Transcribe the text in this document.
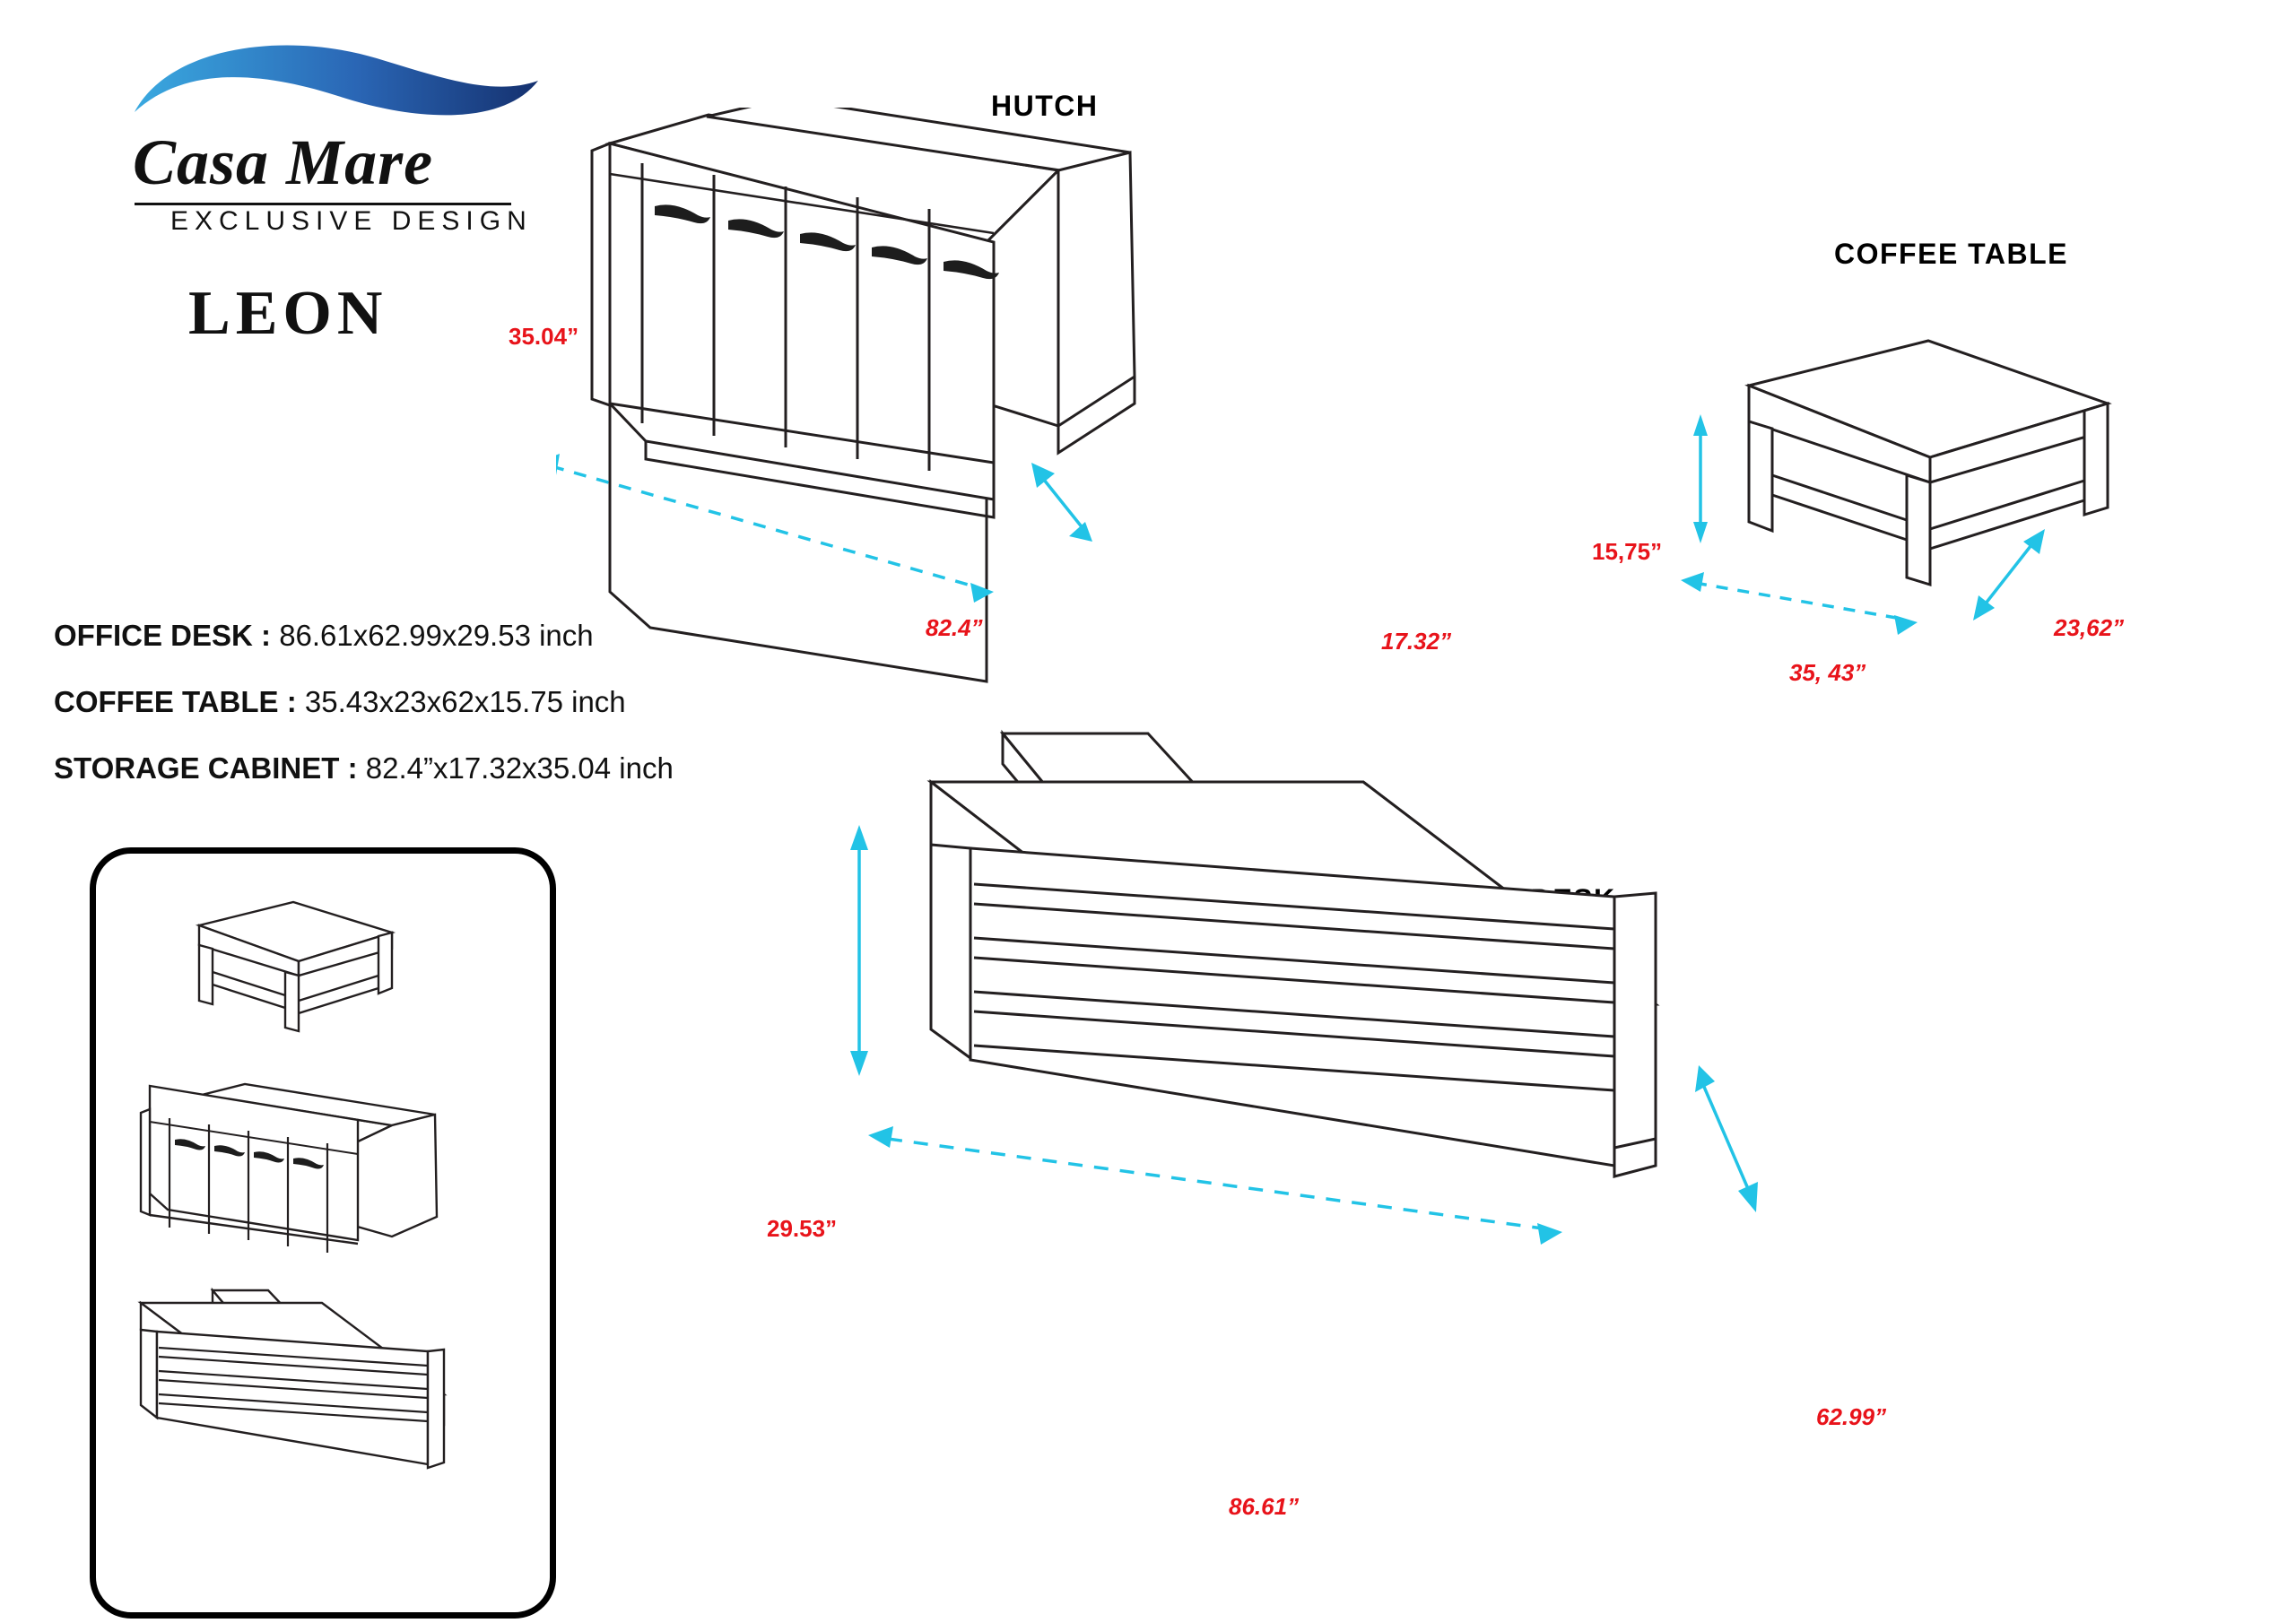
Casa Mare
EXCLUSIVE DESIGN
LEON
OFFICE DESK : 86.61x62.99x29.53 inch
COFFEE TABLE : 35.43x23x62x15.75 inch
STORAGE CABINET : 82.4”x17.32x35.04 inch
HUTCH
35.04”
82.4”	17.32”
COFFEE TABLE
15,75”
35, 43”
23,62”
29.53”
86.61”
62.99”
